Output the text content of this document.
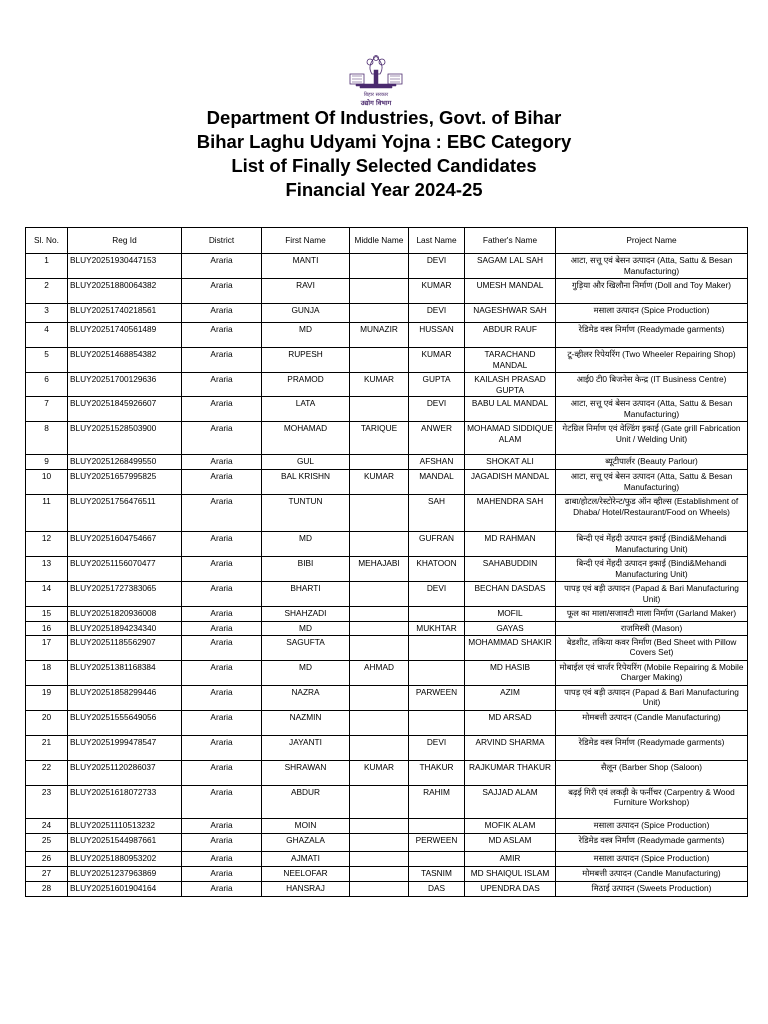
बिहार सरकार
उद्योग विभाग
Department Of Industries, Govt. of Bihar
Bihar Laghu Udyami Yojna : EBC Category
List of Finally Selected Candidates
Financial Year 2024-25
Sl. No.	Reg Id	District	First Name	Middle Name	Last Name	Father's Name	Project Name
1	BLUY20251930447153	Araria	MANTI		DEVI	SAGAM LAL SAH	आटा, सत्तू एवं बेसन उत्पादन (Atta, Sattu & Besan Manufacturing)
2	BLUY20251880064382	Araria	RAVI		KUMAR	UMESH MANDAL	गुड़िया और खिलौना निर्माण (Doll and Toy Maker)
3	BLUY20251740218561	Araria	GUNJA		DEVI	NAGESHWAR SAH	मसाला उत्पादन (Spice Production)
4	BLUY20251740561489	Araria	MD	MUNAZIR	HUSSAN	ABDUR RAUF	रेडिमेड वस्त्र निर्माण (Readymade garments)
5	BLUY20251468854382	Araria	RUPESH		KUMAR	TARACHAND MANDAL	टू-व्हीलर रिपेयरिंग (Two Wheeler Repairing Shop)
6	BLUY20251700129636	Araria	PRAMOD	KUMAR	GUPTA	KAILASH PRASAD GUPTA	आई0 टी0 बिजनेस केन्द्र (IT Business Centre)
7	BLUY20251845926607	Araria	LATA		DEVI	BABU LAL MANDAL	आटा, सत्तू एवं बेसन उत्पादन (Atta, Sattu & Besan Manufacturing)
8	BLUY20251528503900	Araria	MOHAMAD	TARIQUE	ANWER	MOHAMAD SIDDIQUE ALAM	गेटग्रिल निर्माण एवं वेल्डिंग इकाई (Gate grill Fabrication Unit / Welding Unit)
9	BLUY20251268499550	Araria	GUL		AFSHAN	SHOKAT ALI	ब्यूटीपार्लर (Beauty Parlour)
10	BLUY20251657995825	Araria	BAL KRISHN	KUMAR	MANDAL	JAGADISH MANDAL	आटा, सत्तू एवं बेसन उत्पादन (Atta, Sattu & Besan Manufacturing)
11	BLUY20251756476511	Araria	TUNTUN		SAH	MAHENDRA SAH	ढाबा/होटल/रेस्टोरेन्ट/फुड ऑन व्हील्स (Establishment of Dhaba/ Hotel/Restaurant/Food on Wheels)
12	BLUY20251604754667	Araria	MD		GUFRAN	MD RAHMAN	बिन्दी एवं मेंहदी उत्पादन इकाई (Bindi&Mehandi Manufacturing Unit)
13	BLUY20251156070477	Araria	BIBI	MEHAJABI	KHATOON	SAHABUDDIN	बिन्दी एवं मेंहदी उत्पादन इकाई (Bindi&Mehandi Manufacturing Unit)
14	BLUY20251727383065	Araria	BHARTI		DEVI	BECHAN DASDAS	पापड़ एवं बड़ी उत्पादन (Papad & Bari Manufacturing Unit)
15	BLUY20251820936008	Araria	SHAHZADI			MOFIL	फूल का माला/सजावटी माला निर्माण (Garland Maker)
16	BLUY20251894234340	Araria	MD		MUKHTAR	GAYAS	राजमिस्त्री (Mason)
17	BLUY20251185562907	Araria	SAGUFTA			MOHAMMAD SHAKIR	बेडशीट, तकिया कवर निर्माण (Bed Sheet with Pillow Covers Set)
18	BLUY20251381168384	Araria	MD	AHMAD		MD HASIB	मोबाईल एवं चार्जर रिपेयरिंग (Mobile Repairing & Mobile Charger Making)
19	BLUY20251858299446	Araria	NAZRA		PARWEEN	AZIM	पापड़ एवं बड़ी उत्पादन (Papad & Bari Manufacturing Unit)
20	BLUY20251555649056	Araria	NAZMIN			MD ARSAD	मोमबत्ती उत्पादन (Candle Manufacturing)
21	BLUY20251999478547	Araria	JAYANTI		DEVI	ARVIND SHARMA	रेडिमेड वस्त्र निर्माण (Readymade garments)
22	BLUY20251120286037	Araria	SHRAWAN	KUMAR	THAKUR	RAJKUMAR THAKUR	सैलून (Barber Shop (Saloon)
23	BLUY20251618072733	Araria	ABDUR		RAHIM	SAJJAD ALAM	बढ़ई गिरी एवं लकड़ी के फर्नीचर (Carpentry & Wood Furniture Workshop)
24	BLUY20251110513232	Araria	MOIN			MOFIK ALAM	मसाला उत्पादन (Spice Production)
25	BLUY20251544987661	Araria	GHAZALA		PERWEEN	MD ASLAM	रेडिमेड वस्त्र निर्माण (Readymade garments)
26	BLUY20251880953202	Araria	AJMATI			AMIR	मसाला उत्पादन (Spice Production)
27	BLUY20251237963869	Araria	NEELOFAR		TASNIM	MD SHAIQUL ISLAM	मोमबत्ती उत्पादन (Candle Manufacturing)
28	BLUY20251601904164	Araria	HANSRAJ		DAS	UPENDRA DAS	मिठाई उत्पादन (Sweets Production)
